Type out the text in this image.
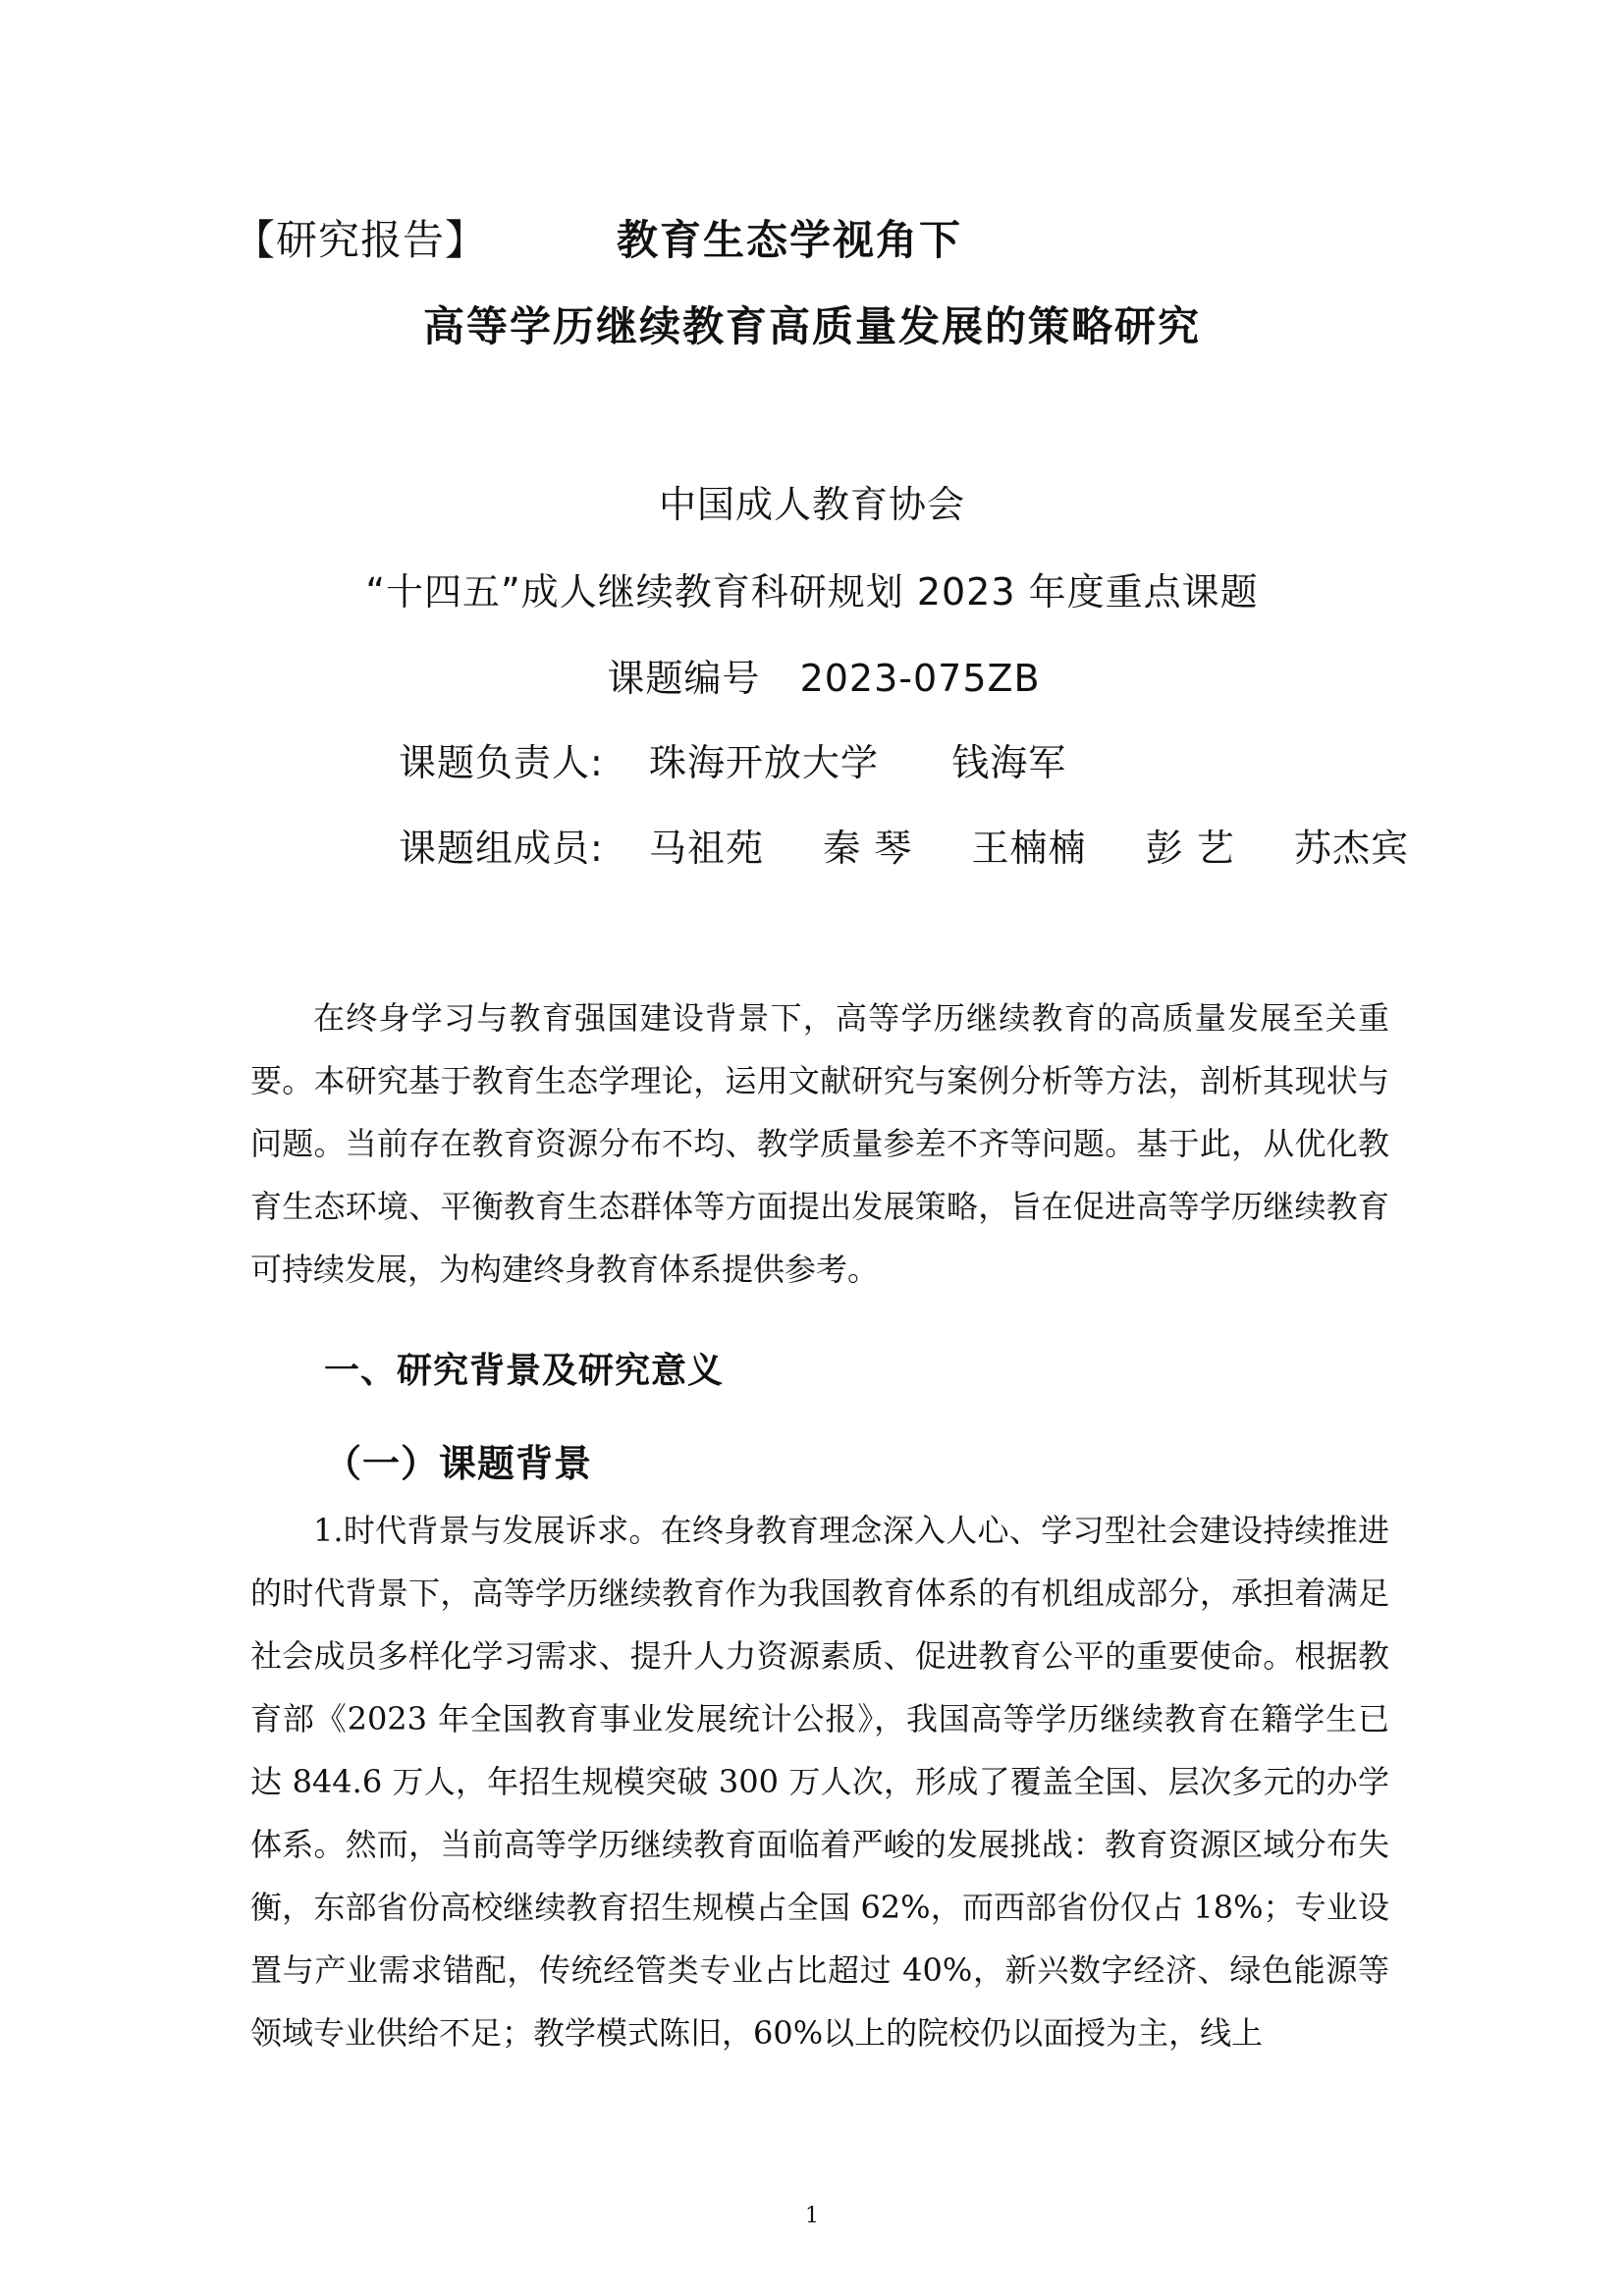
【研究报告】	教育生态学视角下
高等学历继续教育高质量发展的策略研究
中国成人教育协会
“十四五”成人继续教育科研规划 2023 年度重点课题
课题编号 2023-075ZB
课题负责人: 珠海开放大学 钱海军
课题组成员: 马祖苑 秦 琴 王楠楠 彭 艺 苏杰宾

在终身学习与教育强国建设背景下，高等学历继续教育的高质量发展至关重要。本研究基于教育生态学理论，运用文献研究与案例分析等方法，剖析其现状与问题。当前存在教育资源分布不均、教学质量参差不齐等问题。基于此，从优化教育生态环境、平衡教育生态群体等方面提出发展策略，旨在促进高等学历继续教育可持续发展，为构建终身教育体系提供参考。

一、研究背景及研究意义
（一）课题背景

1.时代背景与发展诉求。在终身教育理念深入人心、学习型社会建设持续推进的时代背景下，高等学历继续教育作为我国教育体系的有机组成部分，承担着满足社会成员多样化学习需求、提升人力资源素质、促进教育公平的重要使命。根据教育部《2023 年全国教育事业发展统计公报》，我国高等学历继续教育在籍学生已达 844.6 万人，年招生规模突破 300 万人次，形成了覆盖全国、层次多元的办学体系。然而，当前高等学历继续教育面临着严峻的发展挑战：教育资源区域分布失衡，东部省份高校继续教育招生规模占全国 62%，而西部省份仅占 18%；专业设置与产业需求错配，传统经管类专业占比超过 40%，新兴数字经济、绿色能源等领域专业供给不足；教学模式陈旧，60%以上的院校仍以面授为主，线上

1
